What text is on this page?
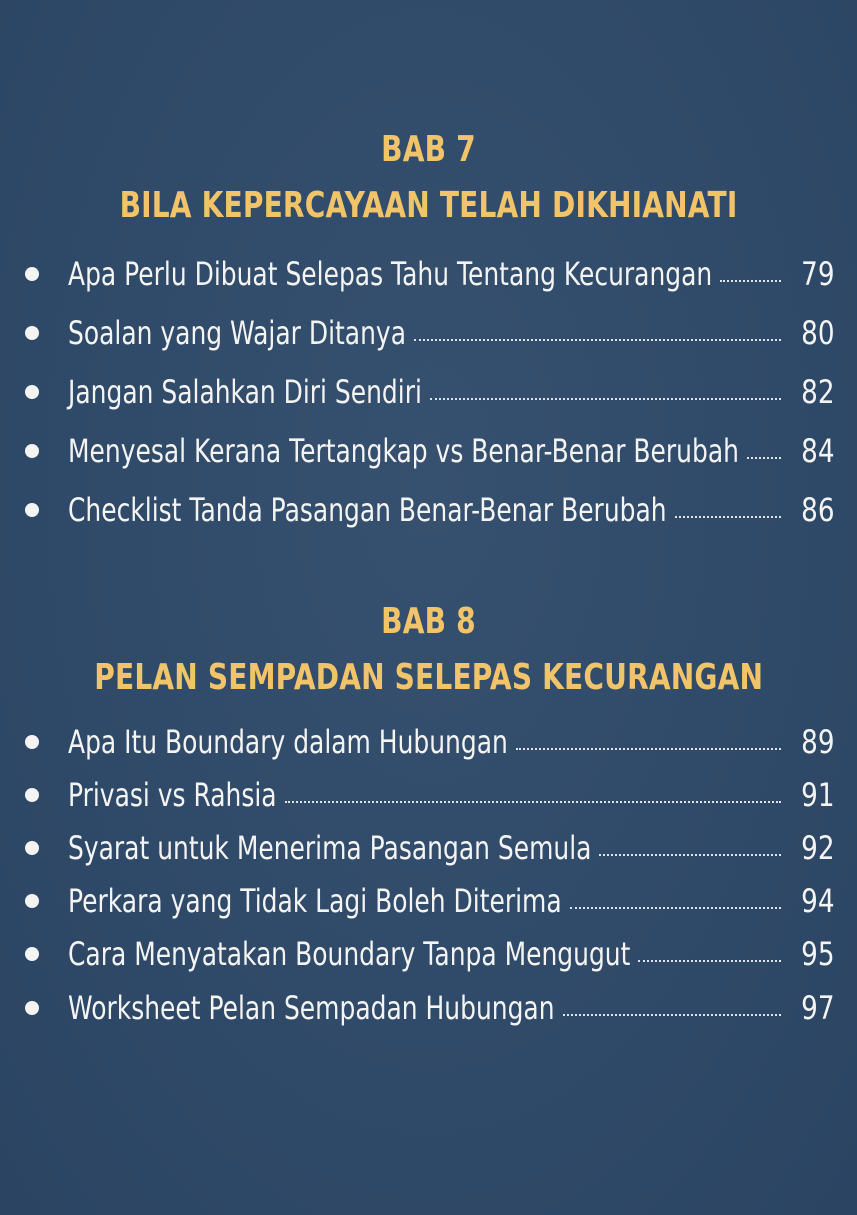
BAB 7
BILA KEPERCAYAAN TELAH DIKHIANATI
Apa Perlu Dibuat Selepas Tahu Tentang Kecurangan	79
Soalan yang Wajar Ditanya	80
Jangan Salahkan Diri Sendiri	82
Menyesal Kerana Tertangkap vs Benar-Benar Berubah 84
Checklist Tanda Pasangan Benar-Benar Berubah	86
BAB 8
PELAN SEMPADAN SELEPAS KECURANGAN
Apa Itu Boundary dalam Hubungan	89
Privasi vs Rahsia	91
Syarat untuk Menerima Pasangan Semula	92
Perkara yang Tidak Lagi Boleh Diterima	94
Cara Menyatakan Boundary Tanpa Mengugut	95
Worksheet Pelan Sempadan Hubungan	97
